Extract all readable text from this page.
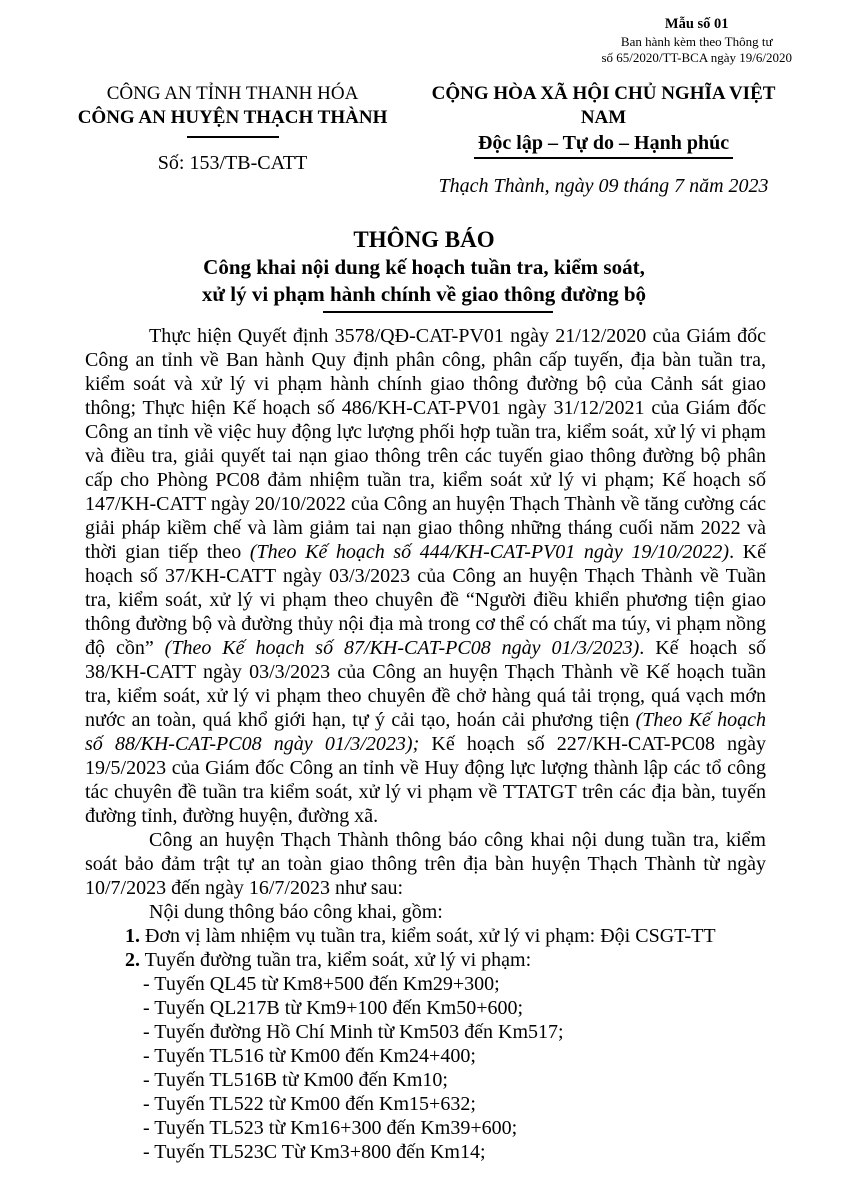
Mẫu số 01
Ban hành kèm theo Thông tư
số 65/2020/TT-BCA ngày 19/6/2020
CÔNG AN TỈNH THANH HÓA
CÔNG AN HUYỆN THẠCH THÀNH
Số: 153/TB-CATT
CỘNG HÒA XÃ HỘI CHỦ NGHĨA VIỆT NAM
Độc lập – Tự do – Hạnh phúc
Thạch Thành, ngày 09 tháng 7 năm 2023
THÔNG BÁO
Công khai nội dung kế hoạch tuần tra, kiểm soát,
xử lý vi phạm hành chính về giao thông đường bộ

Thực hiện Quyết định 3578/QĐ-CAT-PV01 ngày 21/12/2020 của Giám đốc Công an tỉnh về Ban hành Quy định phân công, phân cấp tuyến, địa bàn tuần tra, kiểm soát và xử lý vi phạm hành chính giao thông đường bộ của Cảnh sát giao thông; Thực hiện Kế hoạch số 486/KH-CAT-PV01 ngày 31/12/2021 của Giám đốc Công an tỉnh về việc huy động lực lượng phối hợp tuần tra, kiểm soát, xử lý vi phạm và điều tra, giải quyết tai nạn giao thông trên các tuyến giao thông đường bộ phân cấp cho Phòng PC08 đảm nhiệm tuần tra, kiểm soát xử lý vi phạm; Kế hoạch số 147/KH-CATT ngày 20/10/2022 của Công an huyện Thạch Thành về tăng cường các giải pháp kiềm chế và làm giảm tai nạn giao thông những tháng cuối năm 2022 và thời gian tiếp theo (Theo Kế hoạch số 444/KH-CAT-PV01 ngày 19/10/2022). Kế hoạch số 37/KH-CATT ngày 03/3/2023 của Công an huyện Thạch Thành về Tuần tra, kiểm soát, xử lý vi phạm theo chuyên đề “Người điều khiển phương tiện giao thông đường bộ và đường thủy nội địa mà trong cơ thể có chất ma túy, vi phạm nồng độ cồn” (Theo Kế hoạch số 87/KH-CAT-PC08 ngày 01/3/2023). Kế hoạch số 38/KH-CATT ngày 03/3/2023 của Công an huyện Thạch Thành về Kế hoạch tuần tra, kiểm soát, xử lý vi phạm theo chuyên đề chở hàng quá tải trọng, quá vạch mớn nước an toàn, quá khổ giới hạn, tự ý cải tạo, hoán cải phương tiện (Theo Kế hoạch số 88/KH-CAT-PC08 ngày 01/3/2023); Kế hoạch số 227/KH-CAT-PC08 ngày 19/5/2023 của Giám đốc Công an tỉnh về Huy động lực lượng thành lập các tổ công tác chuyên đề tuần tra kiểm soát, xử lý vi phạm về TTATGT trên các địa bàn, tuyến đường tỉnh, đường huyện, đường xã.

Công an huyện Thạch Thành thông báo công khai nội dung tuần tra, kiểm soát bảo đảm trật tự an toàn giao thông trên địa bàn huyện Thạch Thành từ ngày 10/7/2023 đến ngày 16/7/2023 như sau:

Nội dung thông báo công khai, gồm:

1. Đơn vị làm nhiệm vụ tuần tra, kiểm soát, xử lý vi phạm: Đội CSGT-TT

2. Tuyến đường tuần tra, kiểm soát, xử lý vi phạm:

- Tuyến QL45 từ Km8+500 đến Km29+300;
- Tuyến QL217B từ Km9+100 đến Km50+600;
- Tuyến đường Hồ Chí Minh từ Km503 đến Km517;
- Tuyến TL516 từ Km00 đến Km24+400;
- Tuyến TL516B từ Km00 đến Km10;
- Tuyến TL522 từ Km00 đến Km15+632;
- Tuyến TL523 từ Km16+300 đến Km39+600;
- Tuyến TL523C Từ Km3+800 đến Km14;
